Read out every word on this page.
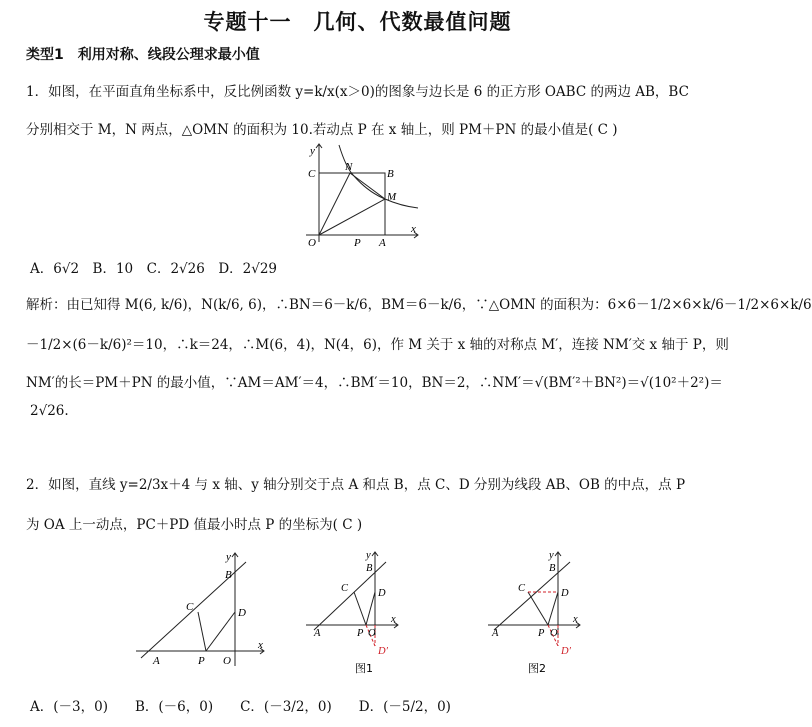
专题十一　几何、代数最值问题
类型1　利用对称、线段公理求最小值
1．如图，在平面直角坐标系中，反比例函数 y=k/x(x＞0)的图象与边长是 6 的正方形 OABC 的两边 AB，BC
分别相交于 M，N 两点，△OMN 的面积为 10.若动点 P 在 x 轴上，则 PM＋PN 的最小值是( C )
y
C
N
B
M
O	P A
x
A．6√2　B．10　C．2√26　D．2√29
解析：由已知得 M(6, k/6)，N(k/6, 6)，∴BN＝6－k/6，BM＝6－k/6，∵△OMN 的面积为：6×6－1/2×6×k/6－1/2×6×k/6
－1/2×(6－k/6)²＝10，∴k＝24，∴M(6，4)，N(4，6)，作 M 关于 x 轴的对称点 M′，连接 NM′交 x 轴于 P，则
NM′的长＝PM＋PN 的最小值，∵AM＝AM′＝4，∴BM′＝10，BN＝2，∴NM′＝√(BM′²＋BN²)＝√(10²＋2²)＝
2√26.
2．如图，直线 y=2/3x＋4 与 x 轴、y 轴分别交于点 A 和点 B，点 C、D 分别为线段 AB、OB 的中点，点 P
为 OA 上一动点，PC＋PD 值最小时点 P 的坐标为( C )
y
B
C	D
A	P O
x
y
B
C	D
A	P O
x
D′
图1
y
B
C	D
A	P O
x
D′
图2
A．(－3，0)　　B．(－6，0)　　C．(－3/2，0)　　D．(－5/2，0)
